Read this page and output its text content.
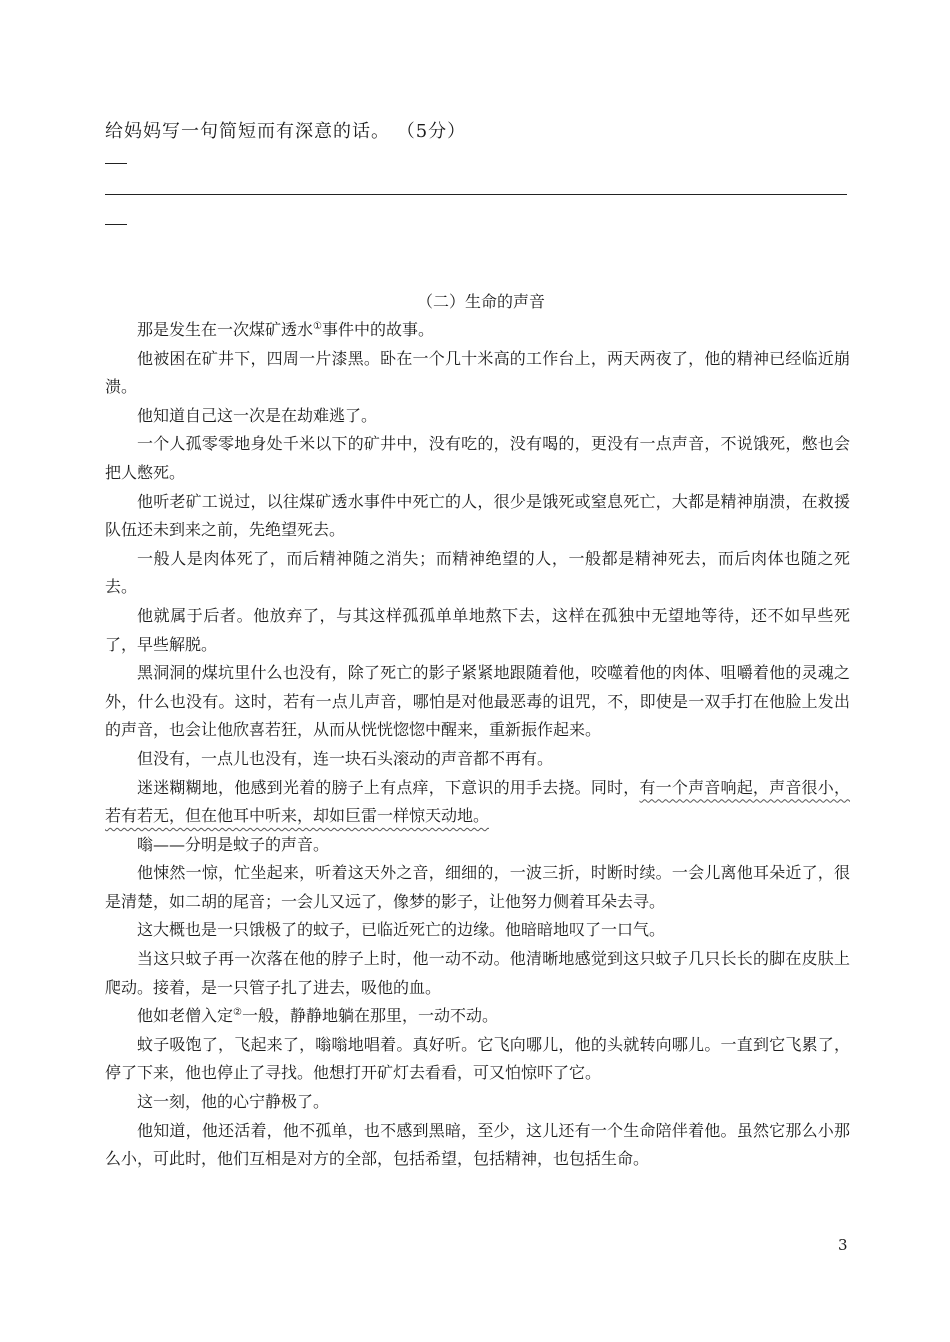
给妈妈写一句简短而有深意的话。 （5分）
（二）生命的声音

那是发生在一次煤矿透水①事件中的故事。

他被困在矿井下，四周一片漆黑。卧在一个几十米高的工作台上，两天两夜了，他的精神已经临近崩溃。

他知道自己这一次是在劫难逃了。

一个人孤零零地身处千米以下的矿井中，没有吃的，没有喝的，更没有一点声音，不说饿死，憋也会把人憋死。

他听老矿工说过，以往煤矿透水事件中死亡的人，很少是饿死或窒息死亡，大都是精神崩溃，在救援队伍还未到来之前，先绝望死去。

一般人是肉体死了，而后精神随之消失；而精神绝望的人，一般都是精神死去，而后肉体也随之死去。

他就属于后者。他放弃了，与其这样孤孤单单地熬下去，这样在孤独中无望地等待，还不如早些死了，早些解脱。

黑洞洞的煤坑里什么也没有，除了死亡的影子紧紧地跟随着他，咬噬着他的肉体、咀嚼着他的灵魂之外，什么也没有。这时，若有一点儿声音，哪怕是对他最恶毒的诅咒，不，即使是一双手打在他脸上发出的声音，也会让他欣喜若狂，从而从恍恍惚惚中醒来，重新振作起来。

但没有，一点儿也没有，连一块石头滚动的声音都不再有。

迷迷糊糊地，他感到光着的膀子上有点痒，下意识的用手去挠。同时，有一个声音响起，声音很小，若有若无，但在他耳中听来，却如巨雷一样惊天动地。

嗡——分明是蚊子的声音。

他悚然一惊，忙坐起来，听着这天外之音，细细的，一波三折，时断时续。一会儿离他耳朵近了，很是清楚，如二胡的尾音；一会儿又远了，像梦的影子，让他努力侧着耳朵去寻。

这大概也是一只饿极了的蚊子，已临近死亡的边缘。他暗暗地叹了一口气。

当这只蚊子再一次落在他的脖子上时，他一动不动。他清晰地感觉到这只蚊子几只长长的脚在皮肤上爬动。接着，是一只管子扎了进去，吸他的血。

他如老僧入定②一般，静静地躺在那里，一动不动。

蚊子吸饱了，飞起来了，嗡嗡地唱着。真好听。它飞向哪儿，他的头就转向哪儿。一直到它飞累了，停了下来，他也停止了寻找。他想打开矿灯去看看，可又怕惊吓了它。

这一刻，他的心宁静极了。

他知道，他还活着，他不孤单，也不感到黑暗，至少，这儿还有一个生命陪伴着他。虽然它那么小那么小，可此时，他们互相是对方的全部，包括希望，包括精神，也包括生命。

3
